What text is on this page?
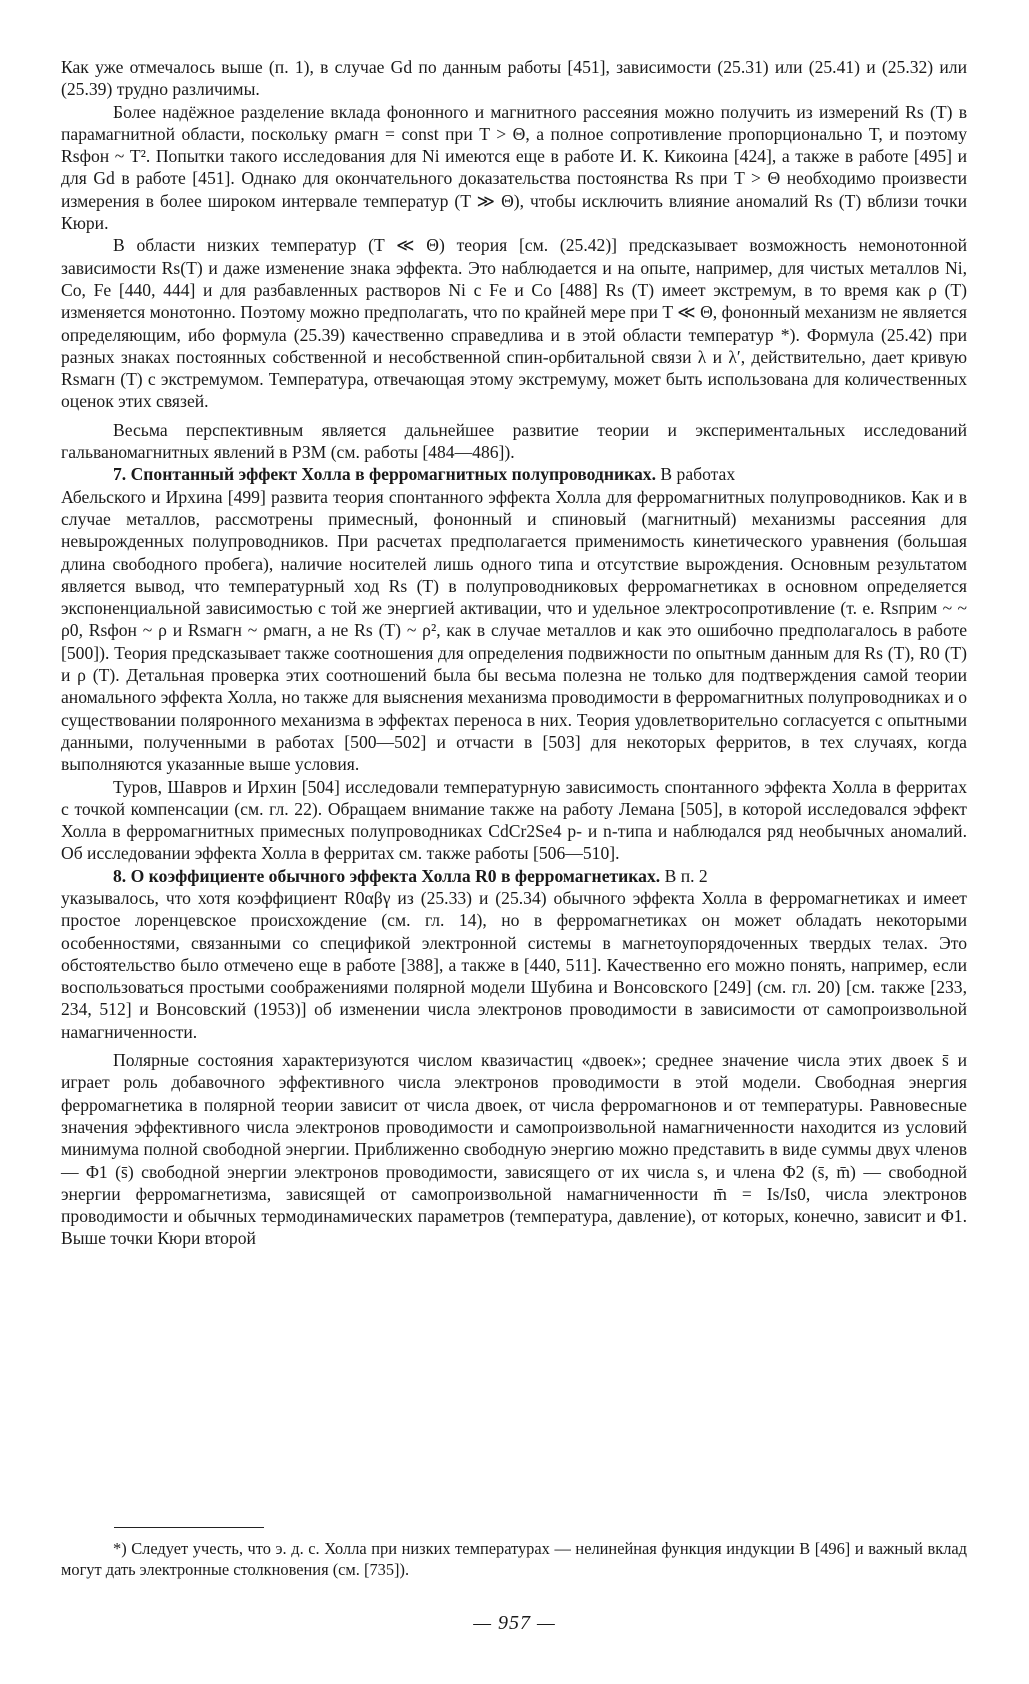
Как уже отмечалось выше (п. 1), в случае Gd по данным работы [451], зависимости (25.31) или (25.41) и (25.32) или (25.39) трудно различимы.

Более надёжное разделение вклада фононного и магнитного рассеяния можно получить из измерений Rs (T) в парамагнитной области, поскольку ρмагн = const при T > Θ, а полное сопротивление пропорционально T, и поэтому Rsфон ~ T². Попытки такого исследования для Ni имеются еще в работе И. К. Кикоина [424], а также в работе [495] и для Gd в работе [451]. Однако для окончательного доказательства постоянства Rs при T > Θ необходимо произвести измерения в более широком интервале температур (T ≫ Θ), чтобы исключить влияние аномалий Rs (T) вблизи точки Кюри.

В области низких температур (T ≪ Θ) теория [см. (25.42)] предсказывает возможность немонотонной зависимости Rs(T) и даже изменение знака эффекта. Это наблюдается и на опыте, например, для чистых металлов Ni, Co, Fe [440, 444] и для разбавленных растворов Ni с Fe и Co [488] Rs (T) имеет экстремум, в то время как ρ (T) изменяется монотонно. Поэтому можно предполагать, что по крайней мере при T ≪ Θ, фононный механизм не является определяющим, ибо формула (25.39) качественно справедлива и в этой области температур *). Формула (25.42) при разных знаках постоянных собственной и несобственной спин-орбитальной связи λ и λ′, действительно, дает кривую Rsмагн (T) с экстремумом. Температура, отвечающая этому экстремуму, может быть использована для количественных оценок этих связей.

Весьма перспективным является дальнейшее развитие теории и экспериментальных исследований гальваномагнитных явлений в РЗМ (см. работы [484—486]).

7. Спонтанный эффект Холла в ферромагнитных полупроводниках. В работах

Абельского и Ирхина [499] развита теория спонтанного эффекта Холла для ферромагнитных полупроводников. Как и в случае металлов, рассмотрены примесный, фононный и спиновый (магнитный) механизмы рассеяния для невырожденных полупроводников. При расчетах предполагается применимость кинетического уравнения (большая длина свободного пробега), наличие носителей лишь одного типа и отсутствие вырождения. Основным результатом является вывод, что температурный ход Rs (T) в полупроводниковых ферромагнетиках в основном определяется экспоненциальной зависимостью с той же энергией активации, что и удельное электросопротивление (т. е. Rsприм ~ ~ ρ0, Rsфон ~ ρ и Rsмагн ~ ρмагн, а не Rs (T) ~ ρ², как в случае металлов и как это ошибочно предполагалось в работе [500]). Теория предсказывает также соотношения для определения подвижности по опытным данным для Rs (T), R0 (T) и ρ (T). Детальная проверка этих соотношений была бы весьма полезна не только для подтверждения самой теории аномального эффекта Холла, но также для выяснения механизма проводимости в ферромагнитных полупроводниках и о существовании поляронного механизма в эффектах переноса в них. Теория удовлетворительно согласуется с опытными данными, полученными в работах [500—502] и отчасти в [503] для некоторых ферритов, в тех случаях, когда выполняются указанные выше условия.

Туров, Шавров и Ирхин [504] исследовали температурную зависимость спонтанного эффекта Холла в ферритах с точкой компенсации (см. гл. 22). Обращаем внимание также на работу Лемана [505], в которой исследовался эффект Холла в ферромагнитных примесных полупроводниках CdCr2Se4 p- и n-типа и наблюдался ряд необычных аномалий. Об исследовании эффекта Холла в ферритах см. также работы [506—510].

8. О коэффициенте обычного эффекта Холла R0 в ферромагнетиках. В п. 2

указывалось, что хотя коэффициент R0αβγ из (25.33) и (25.34) обычного эффекта Холла в ферромагнетиках и имеет простое лоренцевское происхождение (см. гл. 14), но в ферромагнетиках он может обладать некоторыми особенностями, связанными со спецификой электронной системы в магнетоупорядоченных твердых телах. Это обстоятельство было отмечено еще в работе [388], а также в [440, 511]. Качественно его можно понять, например, если воспользоваться простыми соображениями полярной модели Шубина и Вонсовского [249] (см. гл. 20) [см. также [233, 234, 512] и Вонсовский (1953)] об изменении числа электронов проводимости в зависимости от самопроизвольной намагниченности.

Полярные состояния характеризуются числом квазичастиц «двоек»; среднее значение числа этих двоек s̄ и играет роль добавочного эффективного числа электронов проводимости в этой модели. Свободная энергия ферромагнетика в полярной теории зависит от числа двоек, от числа ферромагнонов и от температуры. Равновесные значения эффективного числа электронов проводимости и самопроизвольной намагниченности находится из условий минимума полной свободной энергии. Приближенно свободную энергию можно представить в виде суммы двух членов — Φ1 (s̄) свободной энергии электронов проводимости, зависящего от их числа s, и члена Φ2 (s̄, m̄) — свободной энергии ферромагнетизма, зависящей от самопроизвольной намагниченности m̄ = Is/Is0, числа электронов проводимости и обычных термодинамических параметров (температура, давление), от которых, конечно, зависит и Φ1. Выше точки Кюри второй

*) Следует учесть, что э. д. с. Холла при низких температурах — нелинейная функция индукции B [496] и важный вклад могут дать электронные столкновения (см. [735]).

— 957 —
